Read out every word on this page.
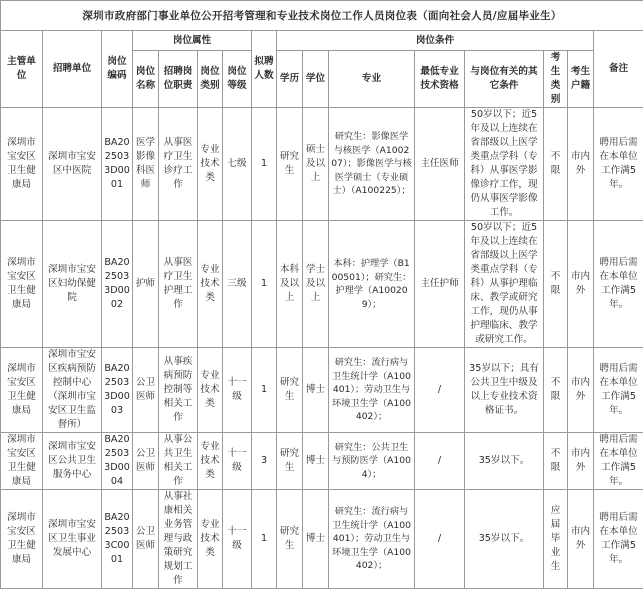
深圳市政府部门事业单位公开招考管理和专业技术岗位工作人员岗位表（面向社会人员/应届毕业生）															
主管单位	招聘单位	岗位编码	岗位属性				拟聘人数	岗位条件							备注
			岗位名称	招聘岗位职责	岗位类别	岗位等级		学历	学位	专业	最低专业技术资格	与岗位有关的其它条件	考生类别	考生户籍	
深圳市宝安区卫生健康局	深圳市宝安区中医院	BA2025033D0001	医学影像科医师	从事医疗卫生诊疗工作	专业技术类	七级	1	研究生	硕士及以上	研究生：影像医学与核医学（A100207）；影像医学与核医学硕士（专业硕士）（A100225）；	主任医师	50岁以下；近5年及以上连续在省部级以上医学类重点学科（专科）从事医学影像诊疗工作，现仍从事医学影像工作。	不限	市内外	聘用后需在本单位工作满5年。
深圳市宝安区卫生健康局	深圳市宝安区妇幼保健院	BA2025033D0002	护师	从事医疗卫生护理工作	专业技术类	三级	1	本科及以上	学士及以上	本科：护理学（B100501）；研究生：护理学（A100209）；	主任护师	50岁以下；近5年及以上连续在省部级以上医学类重点学科（专科）从事护理临床、教学或研究工作，现仍从事护理临床、教学或研究工作。	不限	市内外	聘用后需在本单位工作满5年。
深圳市宝安区卫生健康局	深圳市宝安区疾病预防控制中心（深圳市宝安区卫生监督所）	BA2025033D0003	公卫医师	从事疾病预防控制等相关工作	专业技术类	十一级	1	研究生	博士	研究生：流行病与卫生统计学（A100401）；劳动卫生与环境卫生学（A100402）；	/	35岁以下；具有公共卫生中级及以上专业技术资格证书。	不限	市内外	聘用后需在本单位工作满5年。
深圳市宝安区卫生健康局	深圳市宝安区公共卫生服务中心	BA2025033D0004	公卫医师	从事公共卫生相关工作	专业技术类	十一级	3	研究生	博士	研究生：公共卫生与预防医学（A1004）；	/	35岁以下。	不限	市内外	聘用后需在本单位工作满5年。
深圳市宝安区卫生健康局	深圳市宝安区卫生事业发展中心	BA2025033C0001	公卫医师	从事社康相关业务管理与政策研究规划工作	专业技术类	十一级	1	研究生	博士	研究生：流行病与卫生统计学（A100401）；劳动卫生与环境卫生学（A100402）；	/	35岁以下。	应届毕业生	市内外	聘用后需在本单位工作满5年。
